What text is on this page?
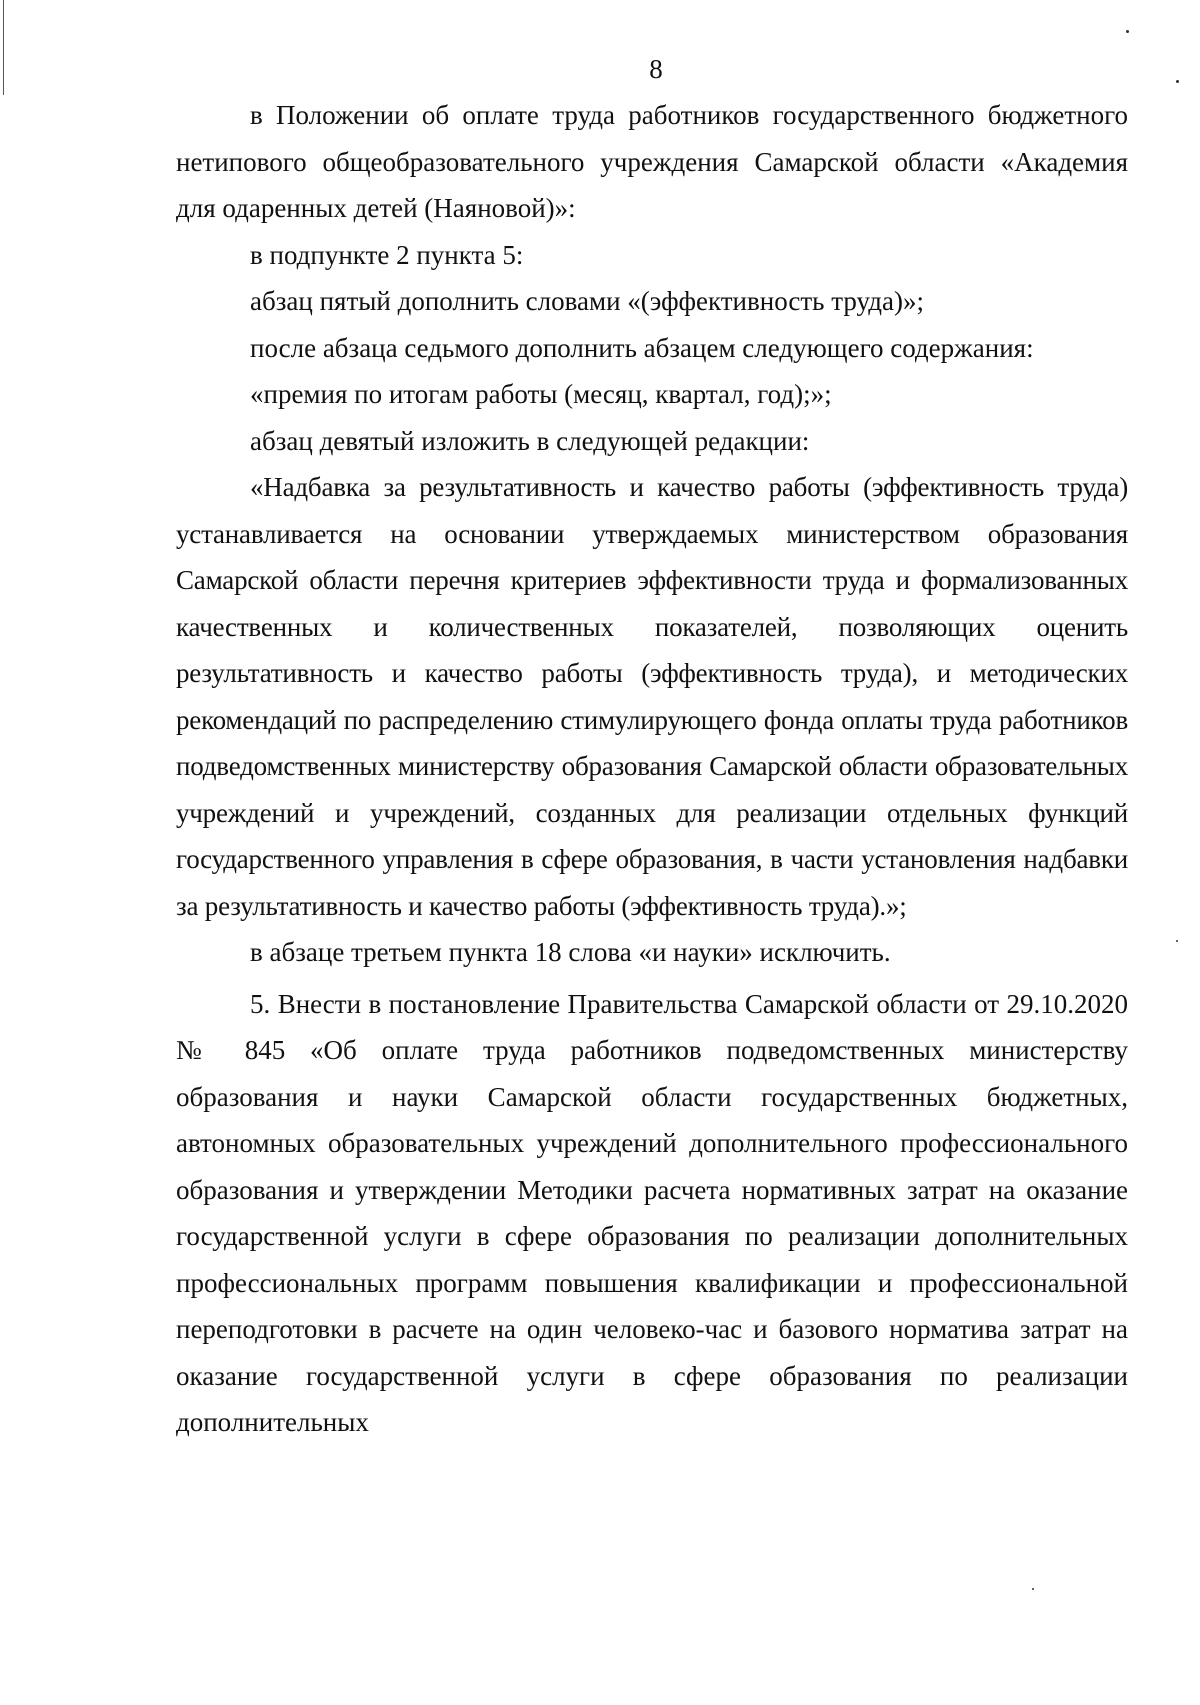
8

в Положении об оплате труда работников государственного бюджетного нетипового общеобразовательного учреждения Самарской области «Академия для одаренных детей (Наяновой)»:

в подпункте 2 пункта 5:

абзац пятый дополнить словами «(эффективность труда)»;

после абзаца седьмого дополнить абзацем следующего содержания:

«премия по итогам работы (месяц, квартал, год);»;

абзац девятый изложить в следующей редакции:

«Надбавка за результативность и качество работы (эффективность труда) устанавливается на основании утверждаемых министерством образования Самарской области перечня критериев эффективности труда и формализованных качественных и количественных показателей, позволяющих оценить результативность и качество работы (эффективность труда), и методических рекомендаций по распределению стимулирующего фонда оплаты труда работников подведомственных министерству образования Самарской области образовательных учреждений и учреждений, созданных для реализации отдельных функций государственного управления в сфере образования, в части установления надбавки за результативность и качество работы (эффективность труда).»;

в абзаце третьем пункта 18 слова «и науки» исключить.

5. Внести в постановление Правительства Самарской области от 29.10.2020 № 845 «Об оплате труда работников подведомственных министерству образования и науки Самарской области государственных бюджетных, автономных образовательных учреждений дополнительного профессионального образования и утверждении Методики расчета нормативных затрат на оказание государственной услуги в сфере образования по реализации дополнительных профессиональных программ повышения квалификации и профессиональной переподготовки в расчете на один человеко-час и базового норматива затрат на оказание государственной услуги в сфере образования по реализации дополнительных
